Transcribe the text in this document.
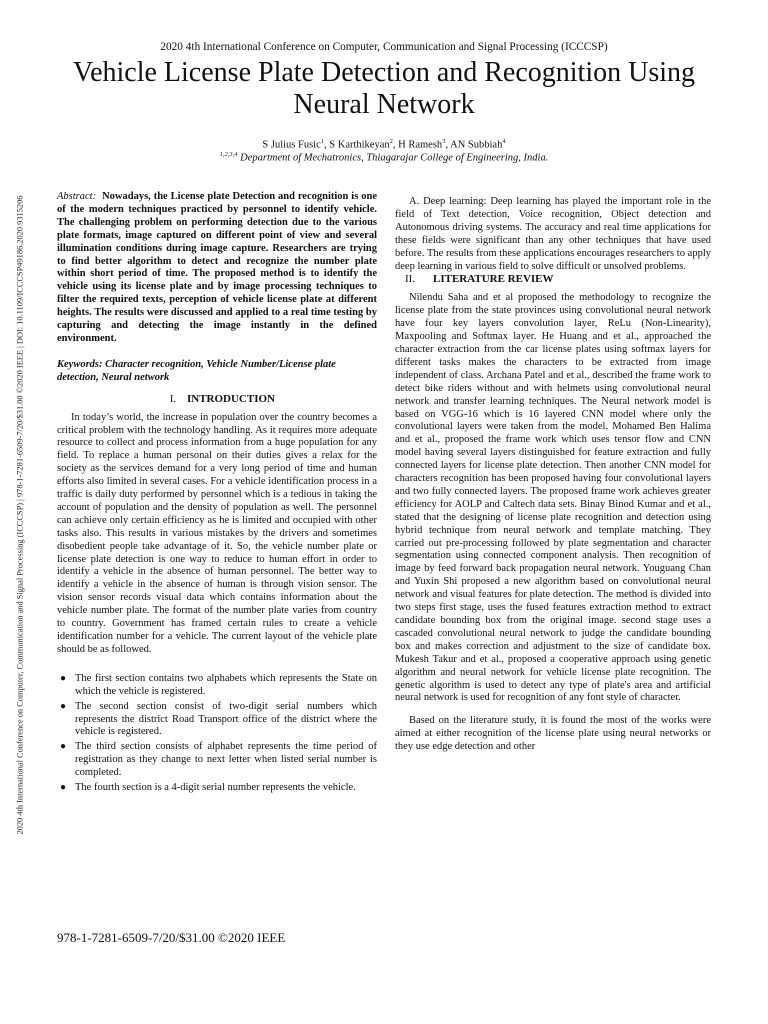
2020 4th International Conference on Computer, Communication and Signal Processing (ICCCSP) | 978-1-7281-6509-7/20/$31.00 ©2020 IEEE | DOI: 10.1109/ICCCSP49186.2020.9315206
2020 4th International Conference on Computer, Communication and Signal Processing (ICCCSP)
Vehicle License Plate Detection and Recognition Using Neural Network
S Julius Fusic$^1$, S Karthikeyan$^2$, H Ramesh$^3$, AN Subbiah$^4$
$^{1,2,3,4}$ Department of Mechatronics, Thiagarajar College of Engineering, India.

Abstract: Nowadays, the License plate Detection and recognition is one of the modern techniques practiced by personnel to identify vehicle. The challenging problem on performing detection due to the various plate formats, image captured on different point of view and several illumination conditions during image capture. Researchers are trying to find better algorithm to detect and recognize the number plate within short period of time. The proposed method is to identify the vehicle using its license plate and by image processing techniques to filter the required texts, perception of vehicle license plate at different heights. The results were discussed and applied to a real time testing by capturing and detecting the image instantly in the defined environment.

Keywords: Character recognition, Vehicle Number/License plate detection, Neural network

I. INTRODUCTION

In today’s world, the increase in population over the country becomes a critical problem with the technology handling. As it requires more adequate resource to collect and process information from a huge population for any field. To replace a human personal on their duties gives a relax for the society as the services demand for a very long period of time and human efforts also limited in several cases. For a vehicle identification process in a traffic is daily duty performed by personnel which is a tedious in taking the account of population and the density of population as well. The personnel can achieve only certain efficiency as he is limited and occupied with other tasks also. This results in various mistakes by the drivers and sometimes disobedient people take advantage of it. So, the vehicle number plate or license plate detection is one way to reduce to human effort in order to identify a vehicle in the absence of human personnel. The better way to identify a vehicle in the absence of human is through vision sensor. The vision sensor records visual data which contains information about the vehicle number plate. The format of the number plate varies from country to country. Government has framed certain rules to create a vehicle identification number for a vehicle. The current layout of the vehicle plate should be as followed.

● The first section contains two alphabets which represents the State on which the vehicle is registered.
● The second section consist of two-digit serial numbers which represents the district Road Transport office of the district where the vehicle is registered.
● The third section consists of alphabet represents the time period of registration as they change to next letter when listed serial number is completed.
● The fourth section is a 4-digit serial number represents the vehicle.

A. Deep learning: Deep learning has played the important role in the field of Text detection, Voice recognition, Object detection and Autonomous driving systems. The accuracy and real time applications for these fields were significant than any other techniques that have used before. The results from these applications encourages researchers to apply deep learning in various field to solve difficult or unsolved problems.

II. LITERATURE REVIEW

Nilendu Saha and et al proposed the methodology to recognize the license plate from the state provinces using convolutional neural network have four key layers convolution layer, ReLu (Non-Linearity), Maxpooling and Softmax layer. He Huang and et al., approached the character extraction from the car license plates using softmax layers for different tasks makes the characters to be extracted from image independent of class. Archana Patel and et al., described the frame work to detect bike riders without and with helmets using convolutional neural network and transfer learning techniques. The Neural network model is based on VGG-16 which is 16 layered CNN model where only the convolutional layers were taken from the model. Mohamed Ben Halima and et al., proposed the frame work which uses tensor flow and CNN model having several layers distinguished for feature extraction and fully connected layers for license plate detection. Then another CNN model for characters recognition has been proposed having four convolutional layers and two fully connected layers. The proposed frame work achieves greater efficiency for AOLP and Caltech data sets. Binay Binod Kumar and et al., stated that the designing of license plate recognition and detection using hybrid technique from neural network and template matching. They carried out pre-processing followed by plate segmentation and character segmentation using connected component analysis. Then recognition of image by feed forward back propagation neural network. Youguang Chan and Yuxin Shi proposed a new algorithm based on convolutional neural network and visual features for plate detection. The method is divided into two steps first stage, uses the fused features extraction method to extract candidate bounding box from the original image. second stage uses a cascaded convolutional neural network to judge the candidate bounding box and makes correction and adjustment to the size of candidate box. Mukesh Takur and et al., proposed a cooperative approach using genetic algorithm and neural network for vehicle license plate recognition. The genetic algorithm is used to detect any type of plate's area and artificial neural network is used for recognition of any font style of character.

Based on the literature study, it is found the most of the works were aimed at either recognition of the license plate using neural networks or they use edge detection and other

978-1-7281-6509-7/20/$31.00 ©2020 IEEE
